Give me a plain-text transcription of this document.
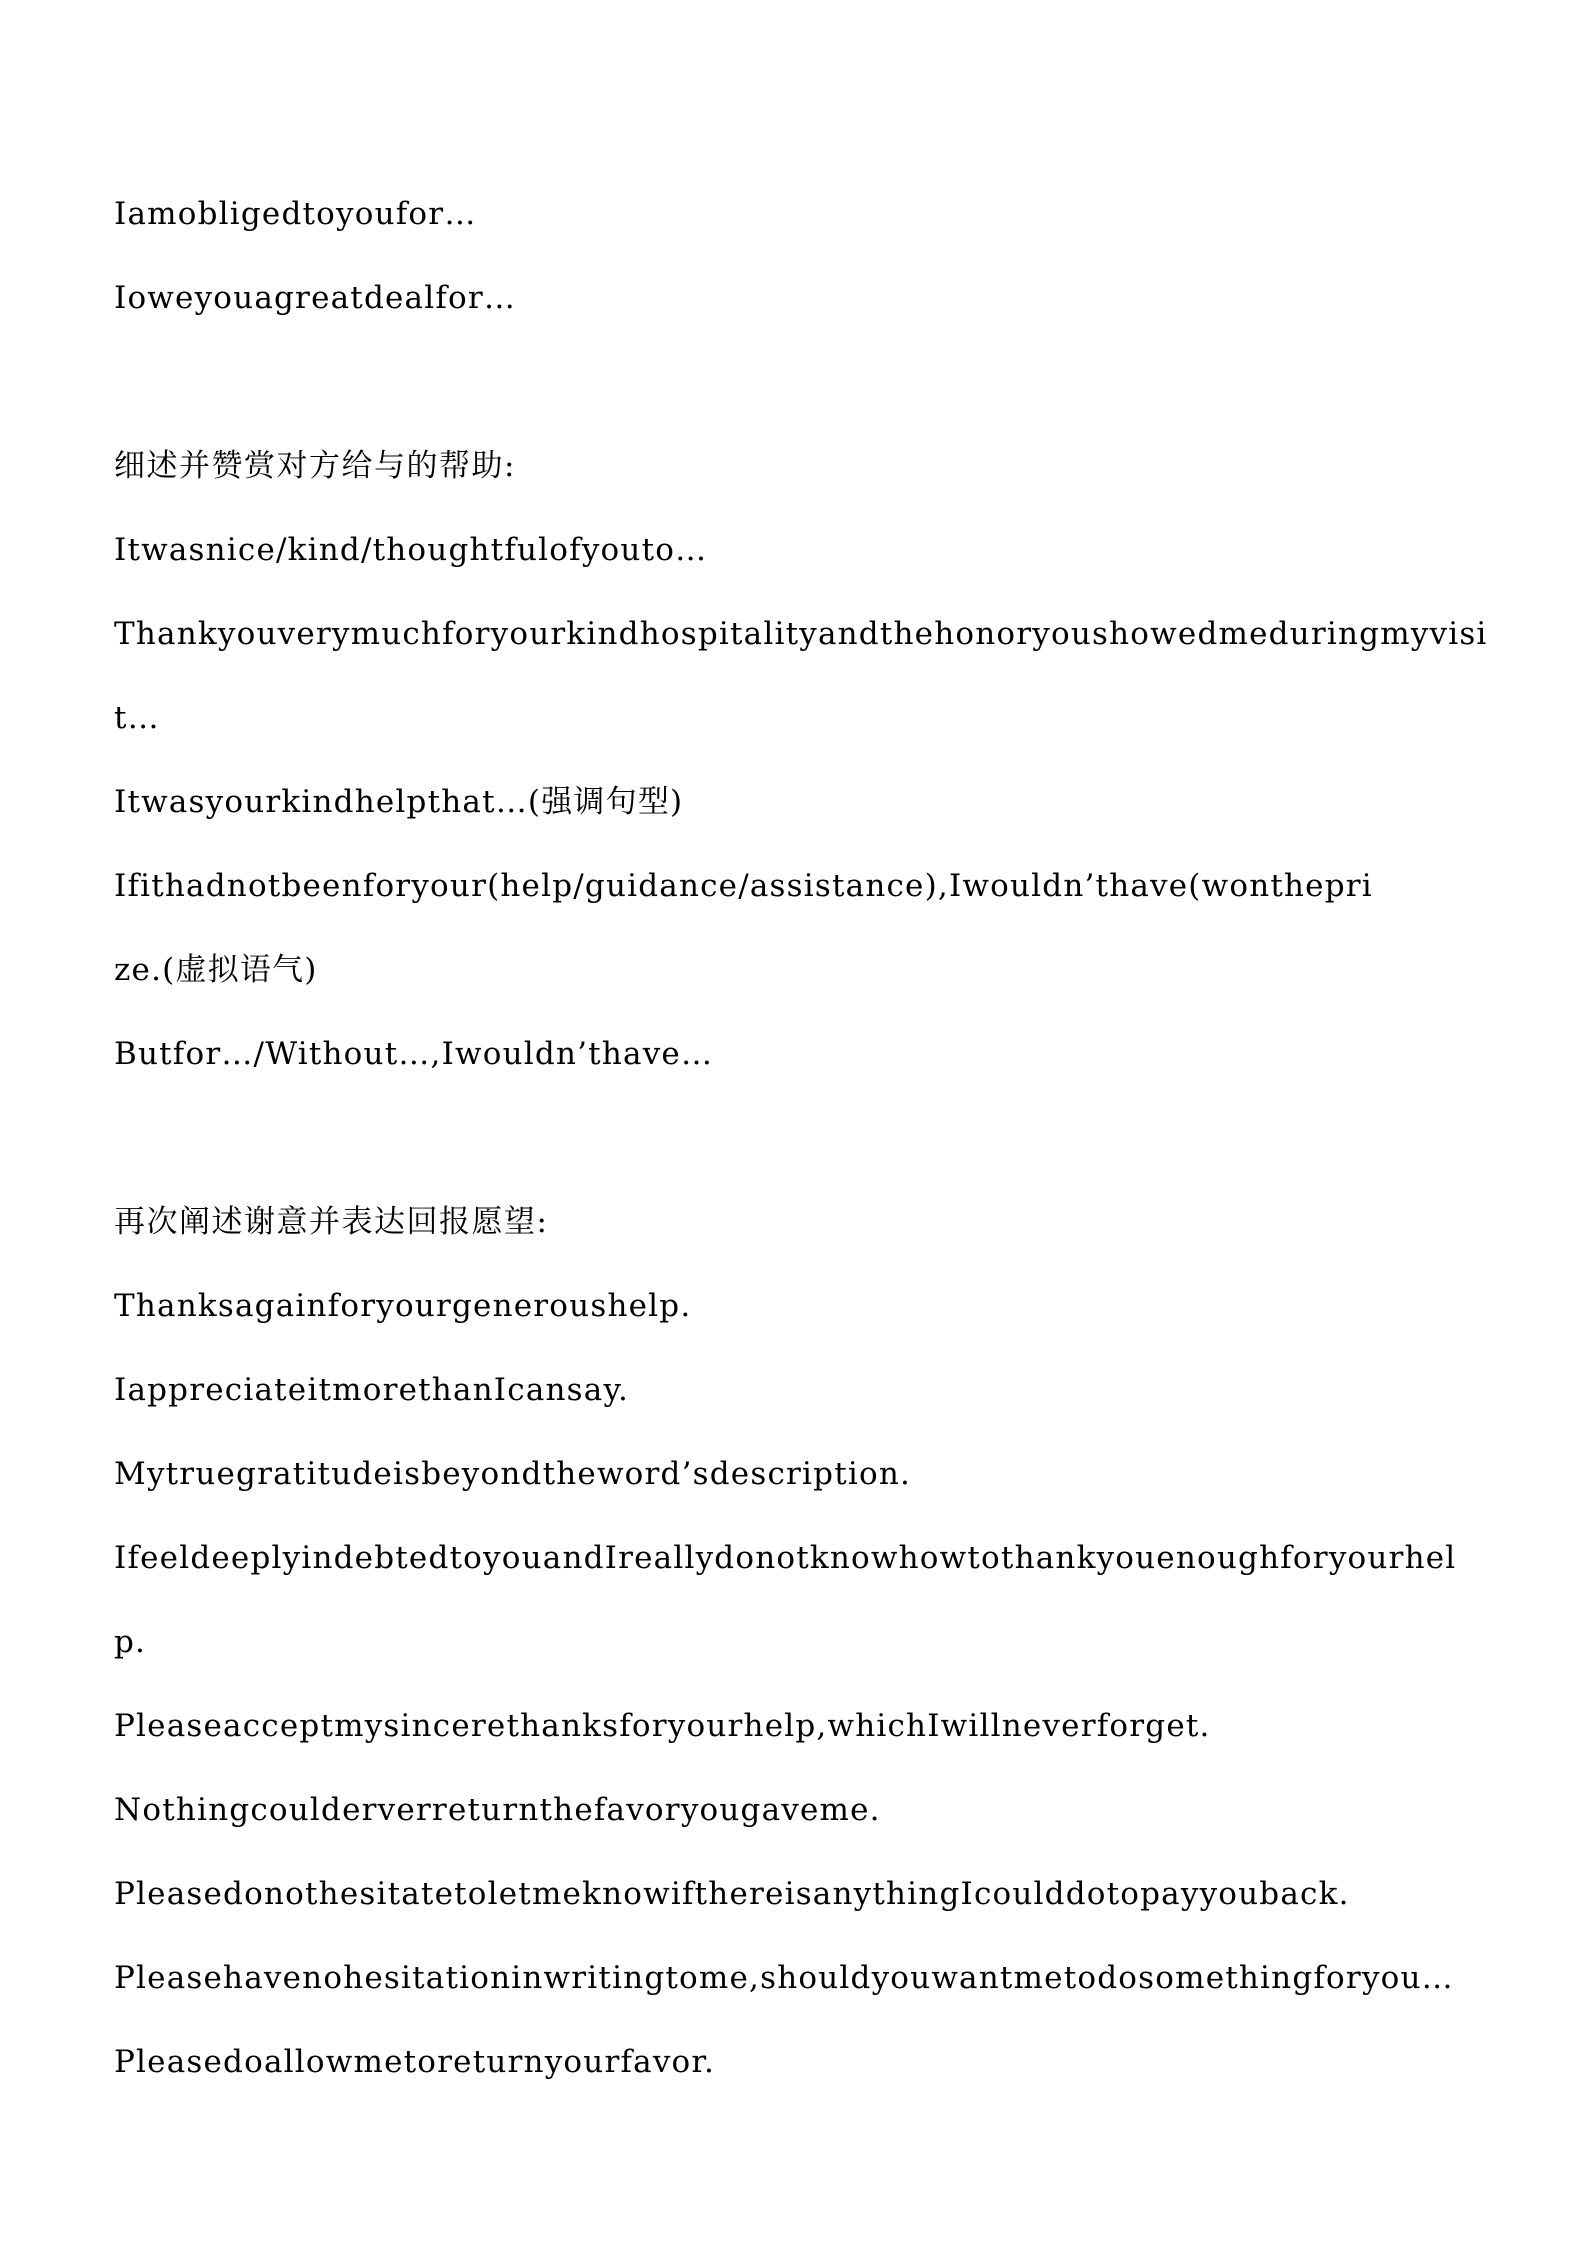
Iamobligedtoyoufor…
Ioweyouagreatdealfor…
细述并赞赏对方给与的帮助:
Itwasnice/kind/thoughtfulofyouto…
Thankyouverymuchforyourkindhospitalityandthehonoryoushowedmeduringmyvisi
t…
Itwasyourkindhelpthat…(强调句型)
Ifithadnotbeenforyour(help/guidance/assistance),Iwouldn’thave(wonthepri
ze.(虚拟语气)
Butfor…/Without…,Iwouldn’thave…
再次阐述谢意并表达回报愿望:
Thanksagainforyourgeneroushelp.
IappreciateitmorethanIcansay.
Mytruegratitudeisbeyondtheword’sdescription.
IfeeldeeplyindebtedtoyouandIreallydonotknowhowtothankyouenoughforyourhel
p.
Pleaseacceptmysincerethanksforyourhelp,whichIwillneverforget.
Nothingcoulderverreturnthefavoryougaveme.
PleasedonothesitatetoletmeknowifthereisanythingIcoulddotopayyouback.
Pleasehavenohesitationinwritingtome,shouldyouwantmetodosomethingforyou…
Pleasedoallowmetoreturnyourfavor.
